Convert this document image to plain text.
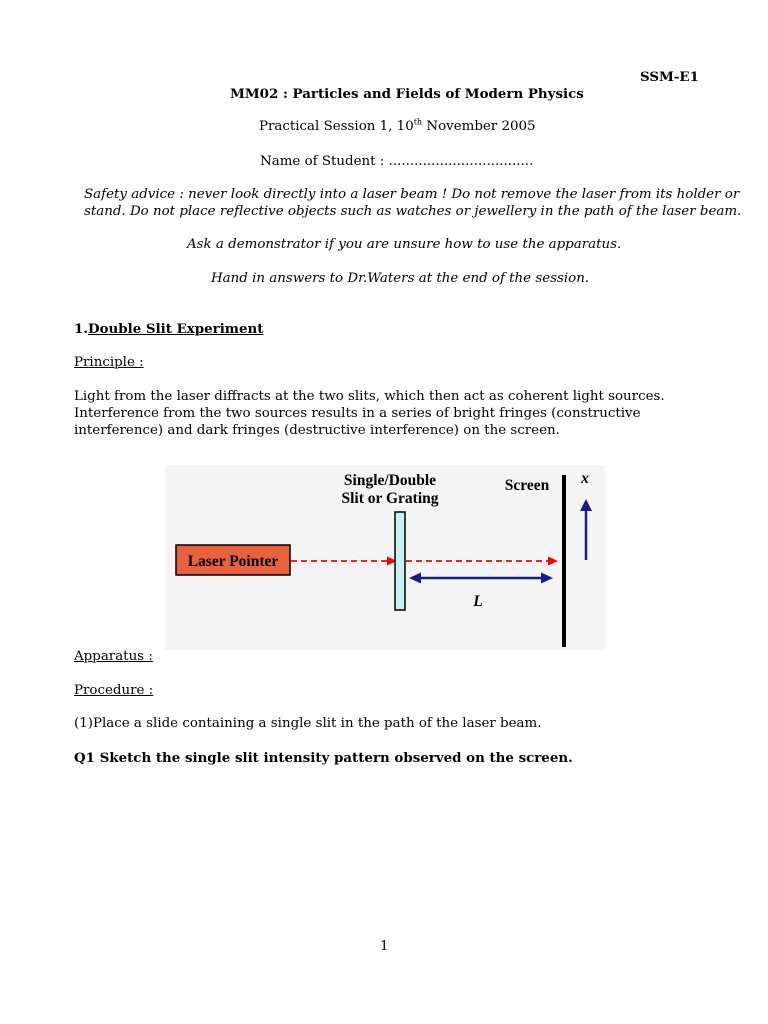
SSM-E1
MM02 : Particles and Fields of Modern Physics
Practical Session 1, 10th November 2005
Name of Student : ..................................
Safety advice : never look directly into a laser beam ! Do not remove the laser from its holder or
stand. Do not place reflective objects such as watches or jewellery in the path of the laser beam.
Ask a demonstrator if you are unsure how to use the apparatus.
Hand in answers to Dr.Waters at the end of the session.
1.Double Slit Experiment
Principle :
Light from the laser diffracts at the two slits, which then act as coherent light sources. Interference from the two sources results in a series of bright fringes (constructive interference) and dark fringes (destructive interference) on the screen.
Laser Pointer
Single/Double
Slit or Grating
Screen x
L
Apparatus :
Procedure :
(1)Place a slide containing a single slit in the path of the laser beam.
Q1 Sketch the single slit intensity pattern observed on the screen.
1
